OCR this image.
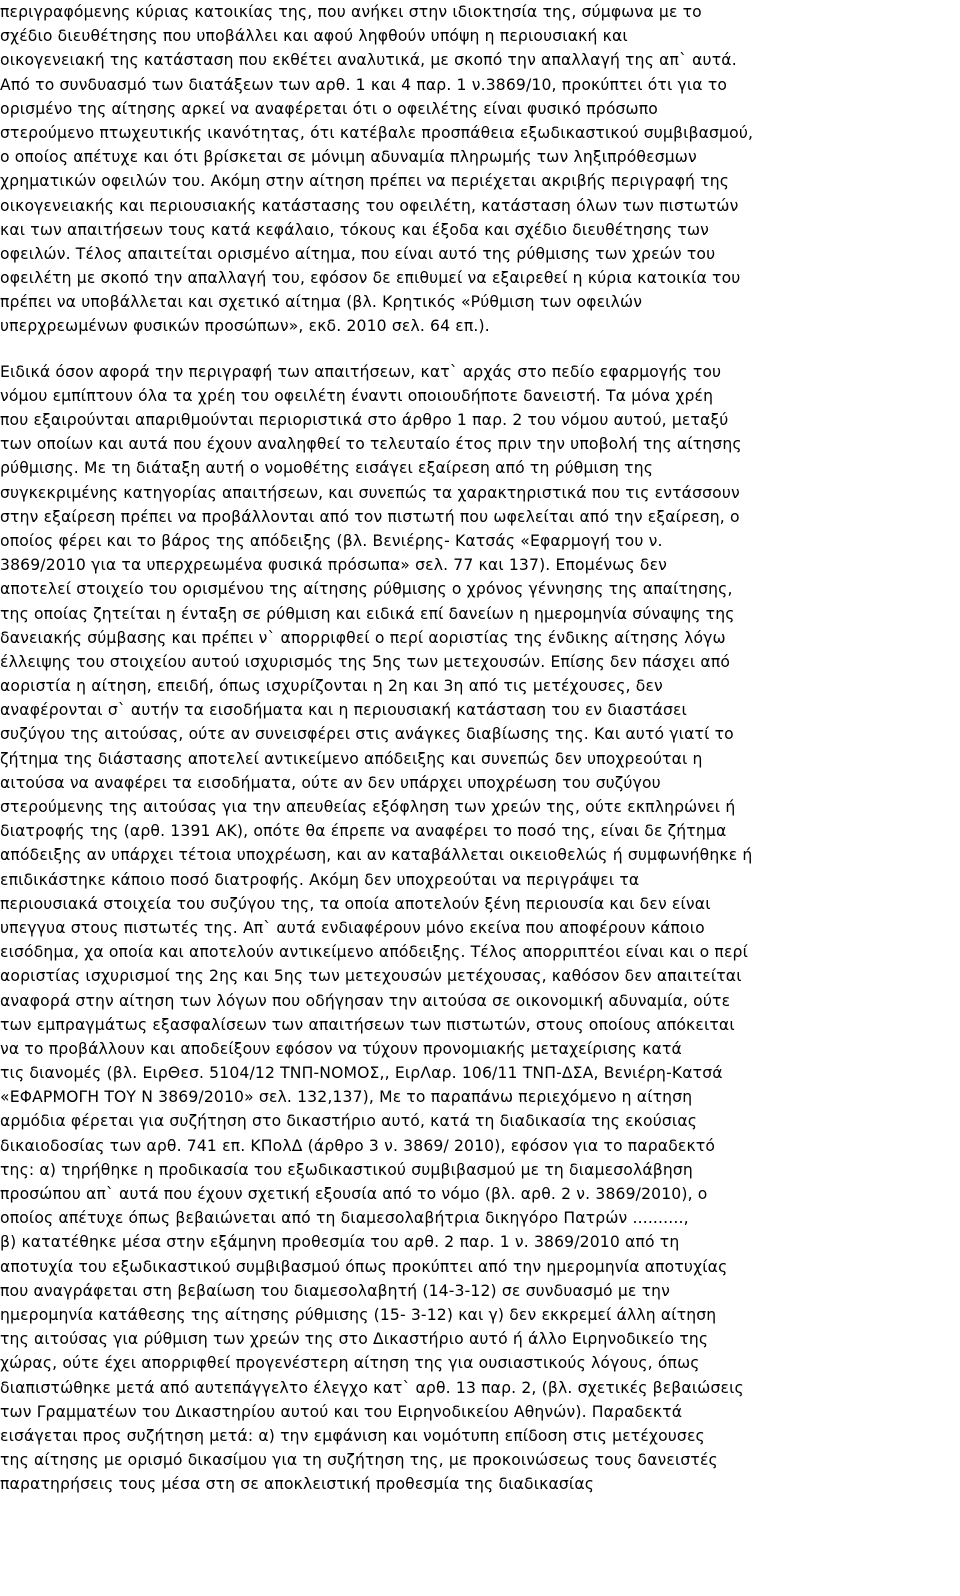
περιγραφόμενης κύριας κατοικίας της, που ανήκει στην ιδιοκτησία της, σύμφωνα με το
σχέδιο διευθέτησης που υποβάλλει και αφού ληφθούν υπόψη η περιουσιακή και
οικογενειακή της κατάσταση που εκθέτει αναλυτικά, με σκοπό την απαλλαγή της απ` αυτά.
Από το συνδυασμό των διατάξεων των αρθ. 1 και 4 παρ. 1 ν.3869/10, προκύπτει ότι για το
ορισμένο της αίτησης αρκεί να αναφέρεται ότι ο οφειλέτης είναι φυσικό πρόσωπο
στερούμενο πτωχευτικής ικανότητας, ότι κατέβαλε προσπάθεια εξωδικαστικού συμβιβασμού,
ο οποίος απέτυχε και ότι βρίσκεται σε μόνιμη αδυναμία πληρωμής των ληξιπρόθεσμων
χρηματικών οφειλών του. Ακόμη στην αίτηση πρέπει να περιέχεται ακριβής περιγραφή της
οικογενειακής και περιουσιακής κατάστασης του οφειλέτη, κατάσταση όλων των πιστωτών
και των απαιτήσεων τους κατά κεφάλαιο, τόκους και έξοδα και σχέδιο διευθέτησης των
οφειλών. Τέλος απαιτείται ορισμένο αίτημα, που είναι αυτό της ρύθμισης των χρεών του
οφειλέτη με σκοπό την απαλλαγή του, εφόσον δε επιθυμεί να εξαιρεθεί η κύρια κατοικία του
πρέπει να υποβάλλεται και σχετικό αίτημα (βλ. Κρητικός «Ρύθμιση των οφειλών
υπερχρεωμένων φυσικών προσώπων», εκδ. 2010 σελ. 64 επ.).
Ειδικά όσον αφορά την περιγραφή των απαιτήσεων, κατ` αρχάς στο πεδίο εφαρμογής του
νόμου εμπίπτουν όλα τα χρέη του οφειλέτη έναντι οποιουδήποτε δανειστή. Τα μόνα χρέη
που εξαιρούνται απαριθμούνται περιοριστικά στο άρθρο 1 παρ. 2 του νόμου αυτού, μεταξύ
των οποίων και αυτά που έχουν αναληφθεί το τελευταίο έτος πριν την υποβολή της αίτησης
ρύθμισης. Με τη διάταξη αυτή ο νομοθέτης εισάγει εξαίρεση από τη ρύθμιση της
συγκεκριμένης κατηγορίας απαιτήσεων, και συνεπώς τα χαρακτηριστικά που τις εντάσσουν
στην εξαίρεση πρέπει να προβάλλονται από τον πιστωτή που ωφελείται από την εξαίρεση, ο
οποίος φέρει και το βάρος της απόδειξης (βλ. Βενιέρης- Κατσάς «Εφαρμογή του ν.
3869/2010 για τα υπερχρεωμένα φυσικά πρόσωπα» σελ. 77 και 137). Επομένως δεν
αποτελεί στοιχείο του ορισμένου της αίτησης ρύθμισης ο χρόνος γέννησης της απαίτησης,
της οποίας ζητείται η ένταξη σε ρύθμιση και ειδικά επί δανείων η ημερομηνία σύναψης της
δανειακής σύμβασης και πρέπει ν` απορριφθεί ο περί αοριστίας της ένδικης αίτησης λόγω
έλλειψης του στοιχείου αυτού ισχυρισμός της 5ης των μετεχουσών. Επίσης δεν πάσχει από
αοριστία η αίτηση, επειδή, όπως ισχυρίζονται η 2η και 3η από τις μετέχουσες, δεν
αναφέρονται σ` αυτήν τα εισοδήματα και η περιουσιακή κατάσταση του εν διαστάσει
συζύγου της αιτούσας, ούτε αν συνεισφέρει στις ανάγκες διαβίωσης της. Και αυτό γιατί το
ζήτημα της διάστασης αποτελεί αντικείμενο απόδειξης και συνεπώς δεν υποχρεούται η
αιτούσα να αναφέρει τα εισοδήματα, ούτε αν δεν υπάρχει υποχρέωση του συζύγου
στερούμενης της αιτούσας για την απευθείας εξόφληση των χρεών της, ούτε εκπληρώνει ή
διατροφής της (αρθ. 1391 ΑΚ), οπότε θα έπρεπε να αναφέρει το ποσό της, είναι δε ζήτημα
απόδειξης αν υπάρχει τέτοια υποχρέωση, και αν καταβάλλεται οικειοθελώς ή συμφωνήθηκε ή
επιδικάστηκε κάποιο ποσό διατροφής. Ακόμη δεν υποχρεούται να περιγράψει τα
περιουσιακά στοιχεία του συζύγου της, τα οποία αποτελούν ξένη περιουσία και δεν είναι
υπεγγυα στους πιστωτές της. Απ` αυτά ενδιαφέρουν μόνο εκείνα που αποφέρουν κάποιο
εισόδημα, χα οποία και αποτελούν αντικείμενο απόδειξης. Τέλος απορριπτέοι είναι και ο περί
αοριστίας ισχυρισμοί της 2ης και 5ης των μετεχουσών μετέχουσας, καθόσον δεν απαιτείται
αναφορά στην αίτηση των λόγων που οδήγησαν την αιτούσα σε οικονομική αδυναμία, ούτε
των εμπραγμάτως εξασφαλίσεων των απαιτήσεων των πιστωτών, στους οποίους απόκειται
να το προβάλλουν και αποδείξουν εφόσον να τύχουν προνομιακής μεταχείρισης κατά
τις διανομές (βλ. ΕιρΘεσ. 5104/12 ΤΝΠ-ΝΟΜΟΣ,, ΕιρΛαρ. 106/11 ΤΝΠ-ΔΣΑ, Βενιέρη-Κατσά
«ΕΦΑΡΜΟΓΗ ΤΟΥ Ν 3869/2010» σελ. 132,137), Με το παραπάνω περιεχόμενο η αίτηση
αρμόδια φέρεται για συζήτηση στο δικαστήριο αυτό, κατά τη διαδικασία της εκούσιας
δικαιοδοσίας των αρθ. 741 επ. ΚΠολΔ (άρθρο 3 ν. 3869/ 2010), εφόσον για το παραδεκτό
της: α) τηρήθηκε η προδικασία του εξωδικαστικού συμβιβασμού με τη διαμεσολάβηση
προσώπου απ` αυτά που έχουν σχετική εξουσία από το νόμο (βλ. αρθ. 2 ν. 3869/2010), ο
οποίος απέτυχε όπως βεβαιώνεται από τη διαμεσολαβήτρια δικηγόρο Πατρών ..........,
β) κατατέθηκε μέσα στην εξάμηνη προθεσμία του αρθ. 2 παρ. 1 ν. 3869/2010 από τη
αποτυχία του εξωδικαστικού συμβιβασμού όπως προκύπτει από την ημερομηνία αποτυχίας
που αναγράφεται στη βεβαίωση του διαμεσολαβητή (14-3-12) σε συνδυασμό με την
ημερομηνία κατάθεσης της αίτησης ρύθμισης (15- 3-12) και γ) δεν εκκρεμεί άλλη αίτηση
της αιτούσας για ρύθμιση των χρεών της στο Δικαστήριο αυτό ή άλλο Ειρηνοδικείο της
χώρας, ούτε έχει απορριφθεί προγενέστερη αίτηση της για ουσιαστικούς λόγους, όπως
διαπιστώθηκε μετά από αυτεπάγγελτο έλεγχο κατ` αρθ. 13 παρ. 2, (βλ. σχετικές βεβαιώσεις
των Γραμματέων του Δικαστηρίου αυτού και του Ειρηνοδικείου Αθηνών). Παραδεκτά
εισάγεται προς συζήτηση μετά: α) την εμφάνιση και νομότυπη επίδοση στις μετέχουσες
της αίτησης με ορισμό δικασίμου για τη συζήτηση της, με προκοινώσεως τους δανειστές
παρατηρήσεις τους μέσα στη σε αποκλειστική προθεσμία της διαδικασίας
